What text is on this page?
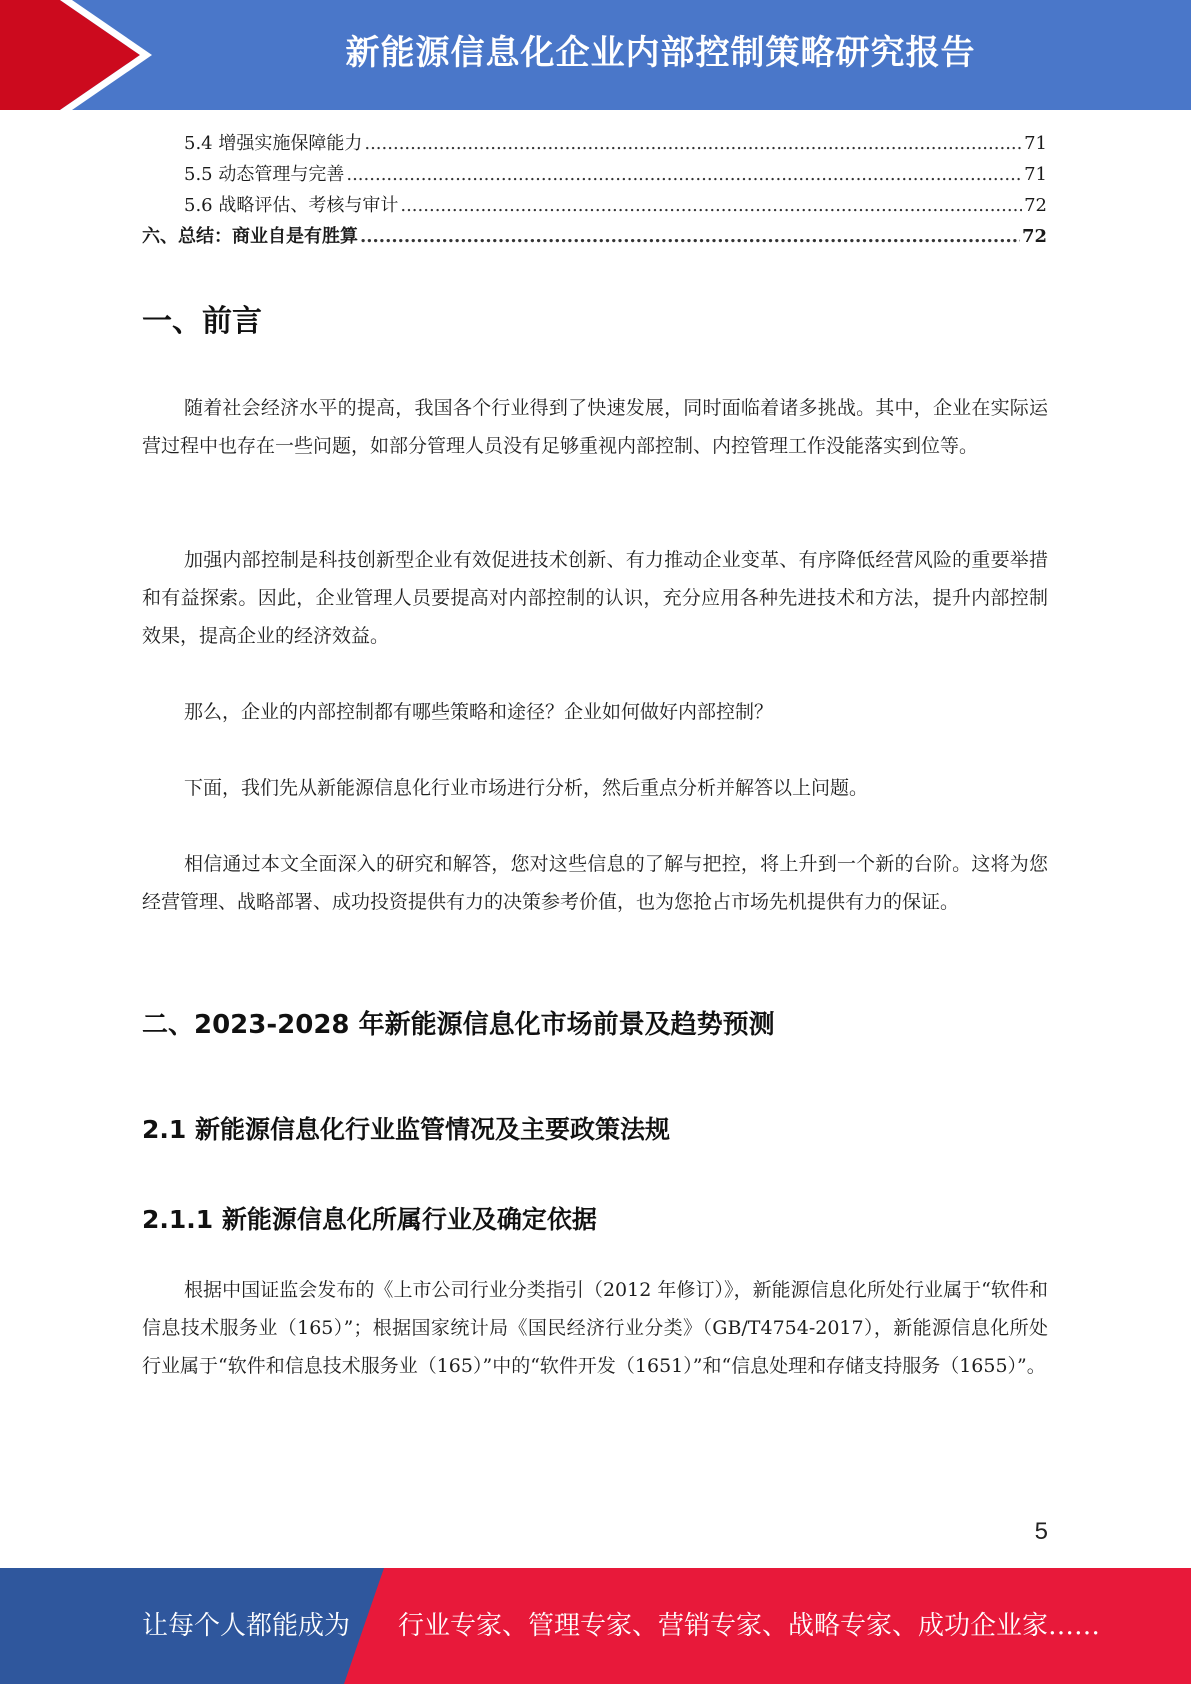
新能源信息化企业内部控制策略研究报告
5.4 增强实施保障能力 .....	71
5.5 动态管理与完善 .....	71
5.6 战略评估、考核与审计 .....	72
六、总结：商业自是有胜算 .....	72
一、前言

随着社会经济水平的提高，我国各个行业得到了快速发展，同时面临着诸多挑战。其中，企业在实际运营过程中也存在一些问题，如部分管理人员没有足够重视内部控制、内控管理工作没能落实到位等。

加强内部控制是科技创新型企业有效促进技术创新、有力推动企业变革、有序降低经营风险的重要举措和有益探索。因此，企业管理人员要提高对内部控制的认识，充分应用各种先进技术和方法，提升内部控制效果，提高企业的经济效益。

那么，企业的内部控制都有哪些策略和途径？企业如何做好内部控制？

下面，我们先从新能源信息化行业市场进行分析，然后重点分析并解答以上问题。

相信通过本文全面深入的研究和解答，您对这些信息的了解与把控，将上升到一个新的台阶。这将为您经营管理、战略部署、成功投资提供有力的决策参考价值，也为您抢占市场先机提供有力的保证。

二、2023-2028 年新能源信息化市场前景及趋势预测
2.1 新能源信息化行业监管情况及主要政策法规
2.1.1 新能源信息化所属行业及确定依据

根据中国证监会发布的《上市公司行业分类指引（2012 年修订）》，新能源信息化所处行业属于“软件和信息技术服务业（165）”；根据国家统计局《国民经济行业分类》（GB/T4754-2017），新能源信息化所处行业属于“软件和信息技术服务业（165）”中的“软件开发（1651）”和“信息处理和存储支持服务（1655）”。

5
让每个人都能成为 行业专家、管理专家、营销专家、战略专家、成功企业家……
